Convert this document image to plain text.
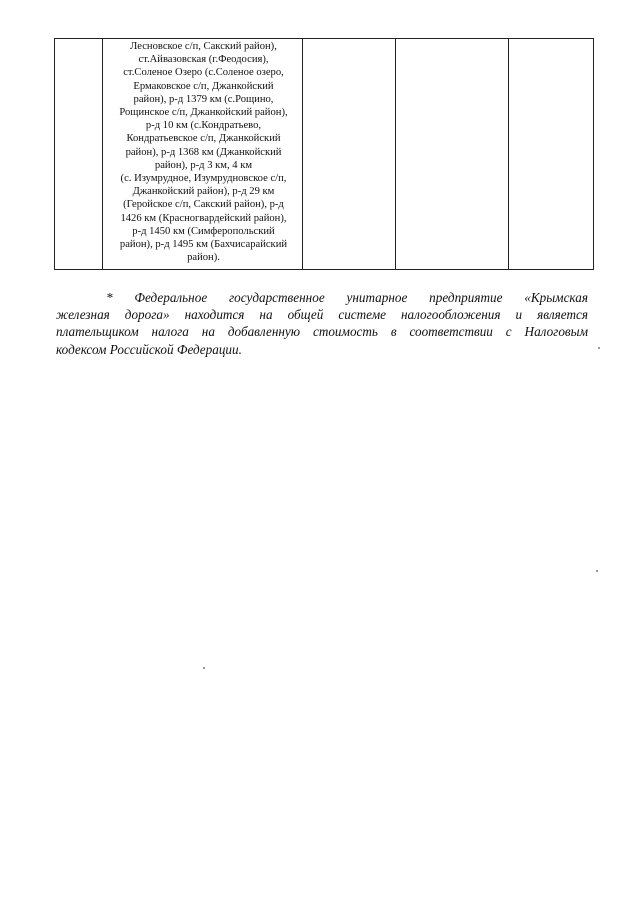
Лесновское с/п, Сакский район),
ст.Айвазовская (г.Феодосия),
ст.Соленое Озеро (с.Соленое озеро,
Ермаковское с/п, Джанкойский
район), р-д 1379 км (с.Рощино,
Рощинское с/п, Джанкойский район),
р-д 10 км (с.Кондратьево,
Кондратьевское с/п, Джанкойский
район), р-д 1368 км (Джанкойский
район), р-д 3 км, 4 км
(с. Изумрудное, Изумрудновское с/п,
Джанкойский район), р-д 29 км
(Геройское с/п, Сакский район), р-д
1426 км (Красногвардейский район),
р-д 1450 км (Симферопольский
район), р-д 1495 км (Бахчисарайский
район).

* Федеральное государственное унитарное предприятие «Крымская
железная дорога» находится на общей системе налогообложения и является
плательщиком налога на добавленную стоимость в соответствии с Налоговым
кодексом Российской Федерации.
